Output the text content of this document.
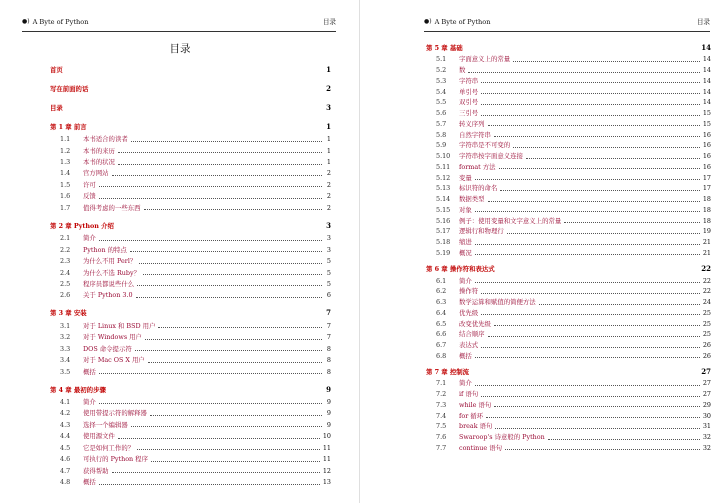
●) A Byte of Python	目录
目录
首页	1
写在前面的话	2
目录	3
第 1 章 前言	1
1.1	本书适合的读者	1
1.2	本书的来历	1
1.3	本书的状况	1
1.4	官方网站	2
1.5	许可	2
1.6	反馈	2
1.7	值得考虑的一些东西	2
第 2 章 Python 介绍	3
2.1	简介	3
2.2	Python 的特点	3
2.3	为什么不用 Perl？	5
2.4	为什么不选 Ruby？	5
2.5	程序员都说些什么	5
2.6	关于 Python 3.0	6
第 3 章 安装	7
3.1	对于 Linux 和 BSD 用户	7
3.2	对于 Windows 用户	7
3.3	DOS 命令提示符	8
3.4	对于 Mac OS X 用户	8
3.5	概括	8
第 4 章 最初的步骤	9
4.1	简介	9
4.2	使用带提示符的解释器	9
4.3	选择一个编辑器	9
4.4	使用源文件	10
4.5	它是如何工作的？	11
4.6	可执行的 Python 程序	11
4.7	获得帮助	12
4.8	概括	13
●) A Byte of Python	目录
第 5 章 基础	14
5.1	字面意义上的常量	14
5.2	数	14
5.3	字符串	14
5.4	单引号	14
5.5	双引号	14
5.6	三引号	15
5.7	转义序列	15
5.8	自然字符串	16
5.9	字符串是不可变的	16
5.10	字符串按字面意义连接	16
5.11	format 方法	16
5.12	变量	17
5.13	标识符的命名	17
5.14	数据类型	18
5.15	对象	18
5.16	例子：使用变量和文字意义上的常量	18
5.17	逻辑行和物理行	19
5.18	缩进	21
5.19	概况	21
第 6 章 操作符和表达式	22
6.1	简介	22
6.2	操作符	22
6.3	数学运算和赋值的简便方法	24
6.4	优先级	25
6.5	改变优先级	25
6.6	结合顺序	25
6.7	表达式	26
6.8	概括	26
第 7 章 控制流	27
7.1	简介	27
7.2	if 语句	27
7.3	while 语句	29
7.4	for 循环	30
7.5	break 语句	31
7.6	Swaroop's 诗意般的 Python	32
7.7	continue 语句	32
